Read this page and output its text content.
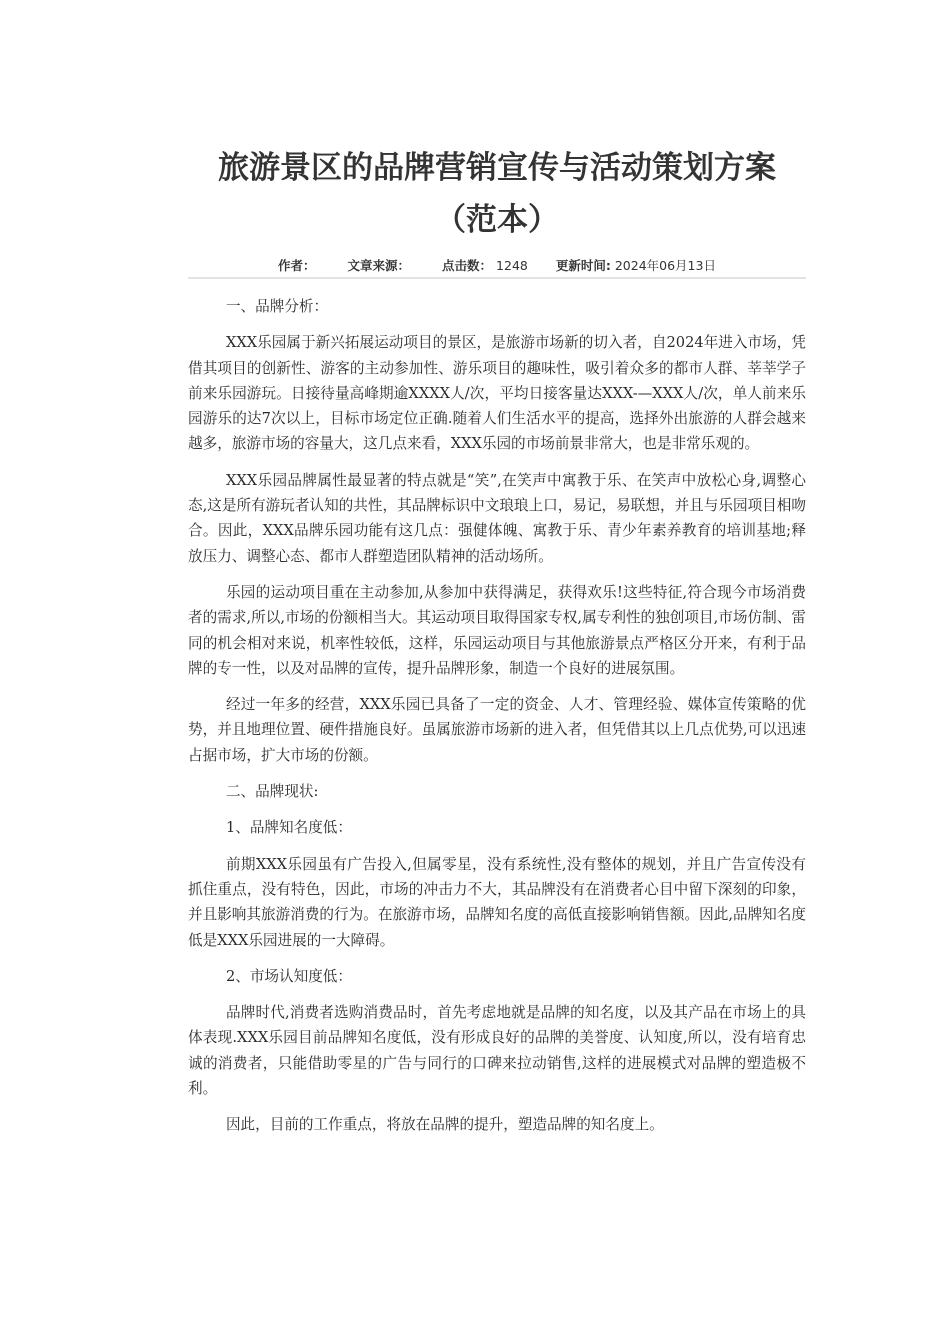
旅游景区的品牌营销宣传与活动策划方案（范本）
作者：	文章来源：	点击数： 1248 更新时间: 2024年06月13日

一、品牌分析：

XXX乐园属于新兴拓展运动项目的景区，是旅游市场新的切入者，自2024年进入市场，凭借其项目的创新性、游客的主动参加性、游乐项目的趣味性，吸引着众多的都市人群、莘莘学子前来乐园游玩。日接待量高峰期逾XXXX人/次，平均日接客量达XXX-—XXX人/次，单人前来乐园游乐的达7次以上，目标市场定位正确.随着人们生活水平的提高，选择外出旅游的人群会越来越多，旅游市场的容量大，这几点来看，XXX乐园的市场前景非常大，也是非常乐观的。

XXX乐园品牌属性最显著的特点就是“笑”,在笑声中寓教于乐、在笑声中放松心身,调整心态,这是所有游玩者认知的共性，其品牌标识中文琅琅上口，易记，易联想，并且与乐园项目相吻合。因此，XXX品牌乐园功能有这几点：强健体魄、寓教于乐、青少年素养教育的培训基地;释放压力、调整心态、都市人群塑造团队精神的活动场所。

乐园的运动项目重在主动参加,从参加中获得满足，获得欢乐!这些特征,符合现今市场消费者的需求,所以,市场的份额相当大。其运动项目取得国家专权,属专利性的独创项目,市场仿制、雷同的机会相对来说，机率性较低，这样，乐园运动项目与其他旅游景点严格区分开来，有利于品牌的专一性，以及对品牌的宣传，提升品牌形象，制造一个良好的进展氛围。

经过一年多的经营，XXX乐园已具备了一定的资金、人才、管理经验、媒体宣传策略的优势，并且地理位置、硬件措施良好。虽属旅游市场新的进入者，但凭借其以上几点优势,可以迅速占据市场，扩大市场的份额。

二、品牌现状:

1、品牌知名度低：

前期XXX乐园虽有广告投入,但属零星，没有系统性,没有整体的规划，并且广告宣传没有抓住重点，没有特色，因此，市场的冲击力不大，其品牌没有在消费者心目中留下深刻的印象，并且影响其旅游消费的行为。在旅游市场，品牌知名度的高低直接影响销售额。因此,品牌知名度低是XXX乐园进展的一大障碍。

2、市场认知度低：

品牌时代,消费者选购消费品时，首先考虑地就是品牌的知名度，以及其产品在市场上的具体表现.XXX乐园目前品牌知名度低，没有形成良好的品牌的美誉度、认知度,所以，没有培育忠诚的消费者，只能借助零星的广告与同行的口碑来拉动销售,这样的进展模式对品牌的塑造极不利。

因此，目前的工作重点，将放在品牌的提升，塑造品牌的知名度上。
